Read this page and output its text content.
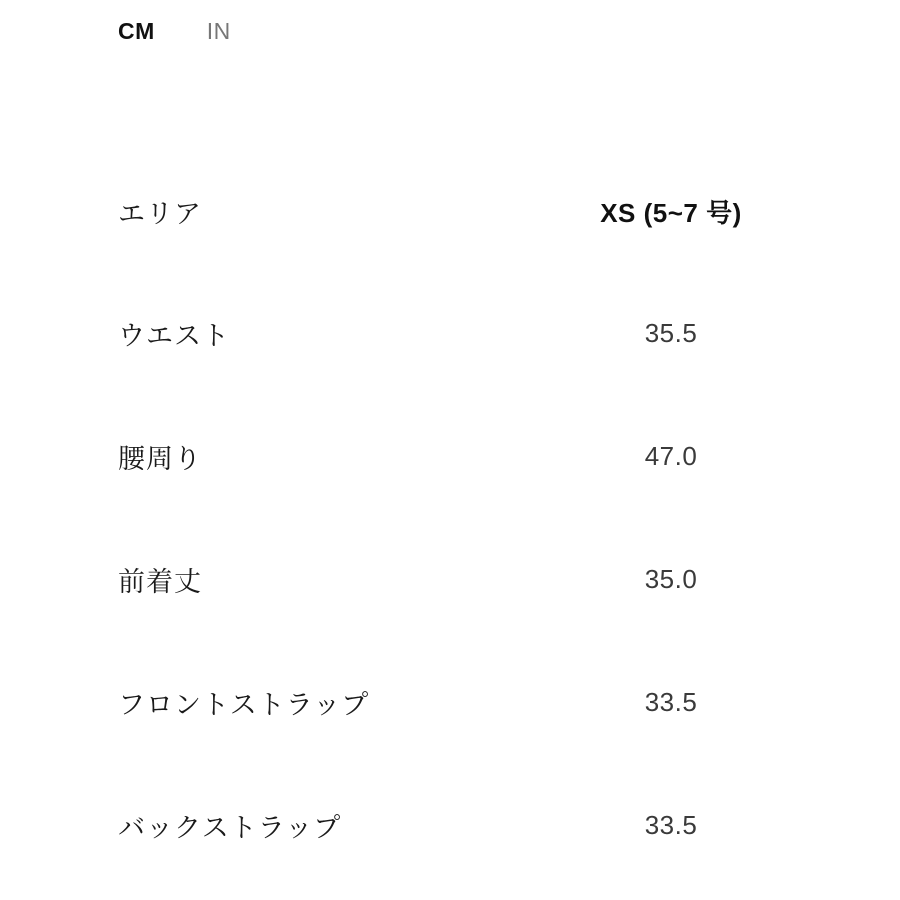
CM IN
エリア	XS (5~7 号)
ウエスト	35.5
腰周り	47.0
前着丈	35.0
フロントストラップ	33.5
バックストラップ	33.5
